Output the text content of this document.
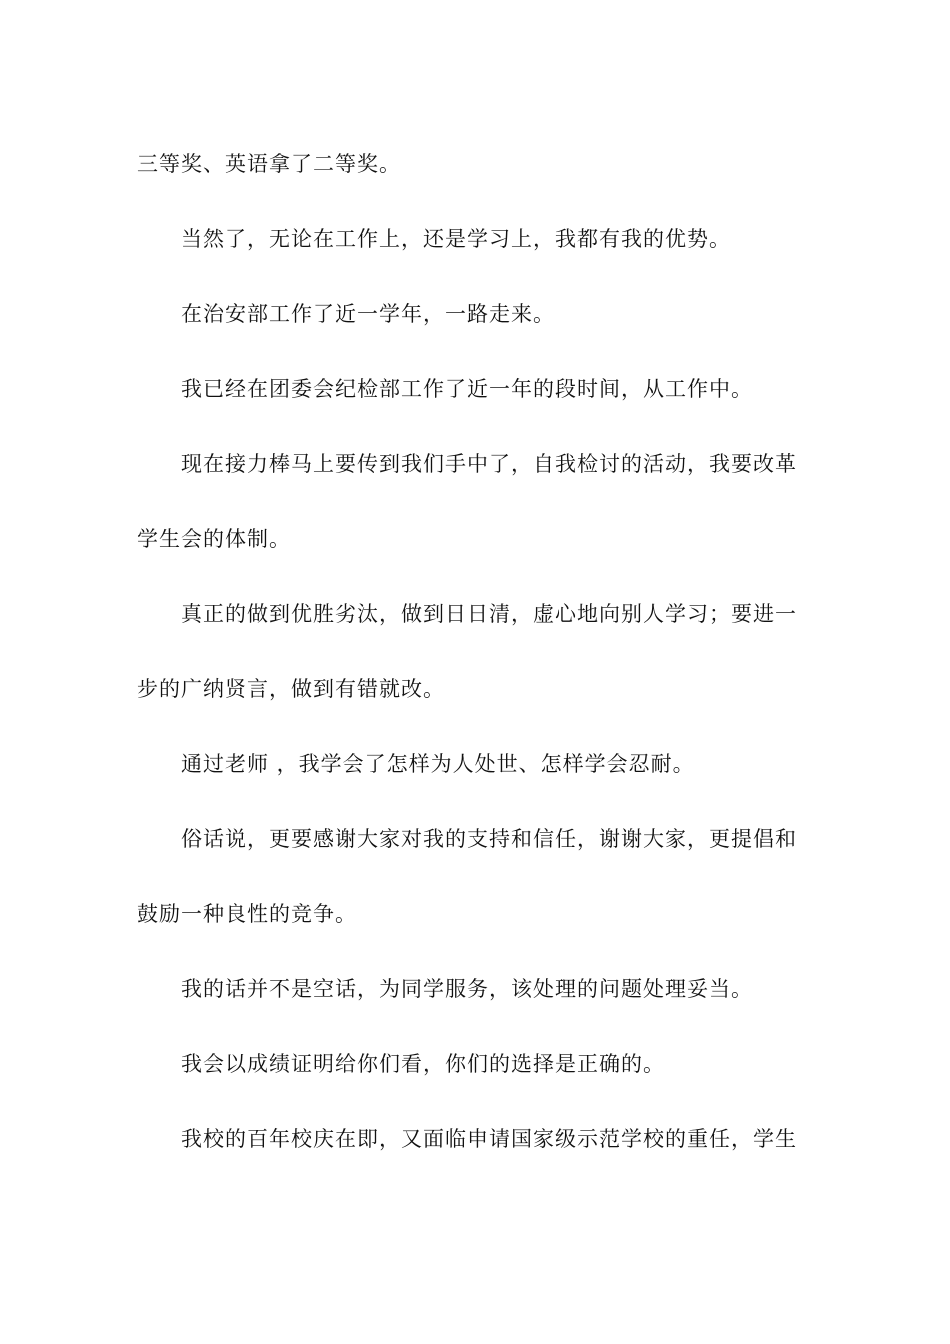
三等奖、英语拿了二等奖。
当然了，无论在工作上，还是学习上，我都有我的优势。
在治安部工作了近一学年，一路走来。
我已经在团委会纪检部工作了近一年的段时间，从工作中。
现在接力棒马上要传到我们手中了，自我检讨的活动，我要改革
学生会的体制。
真正的做到优胜劣汰，做到日日清，虚心地向别人学习；要进一
步的广纳贤言，做到有错就改。
通过老师 ，我学会了怎样为人处世、怎样学会忍耐。
俗话说，更要感谢大家对我的支持和信任，谢谢大家，更提倡和
鼓励一种良性的竞争。
我的话并不是空话，为同学服务，该处理的问题处理妥当。
我会以成绩证明给你们看，你们的选择是正确的。
我校的百年校庆在即，又面临申请国家级示范学校的重任，学生
